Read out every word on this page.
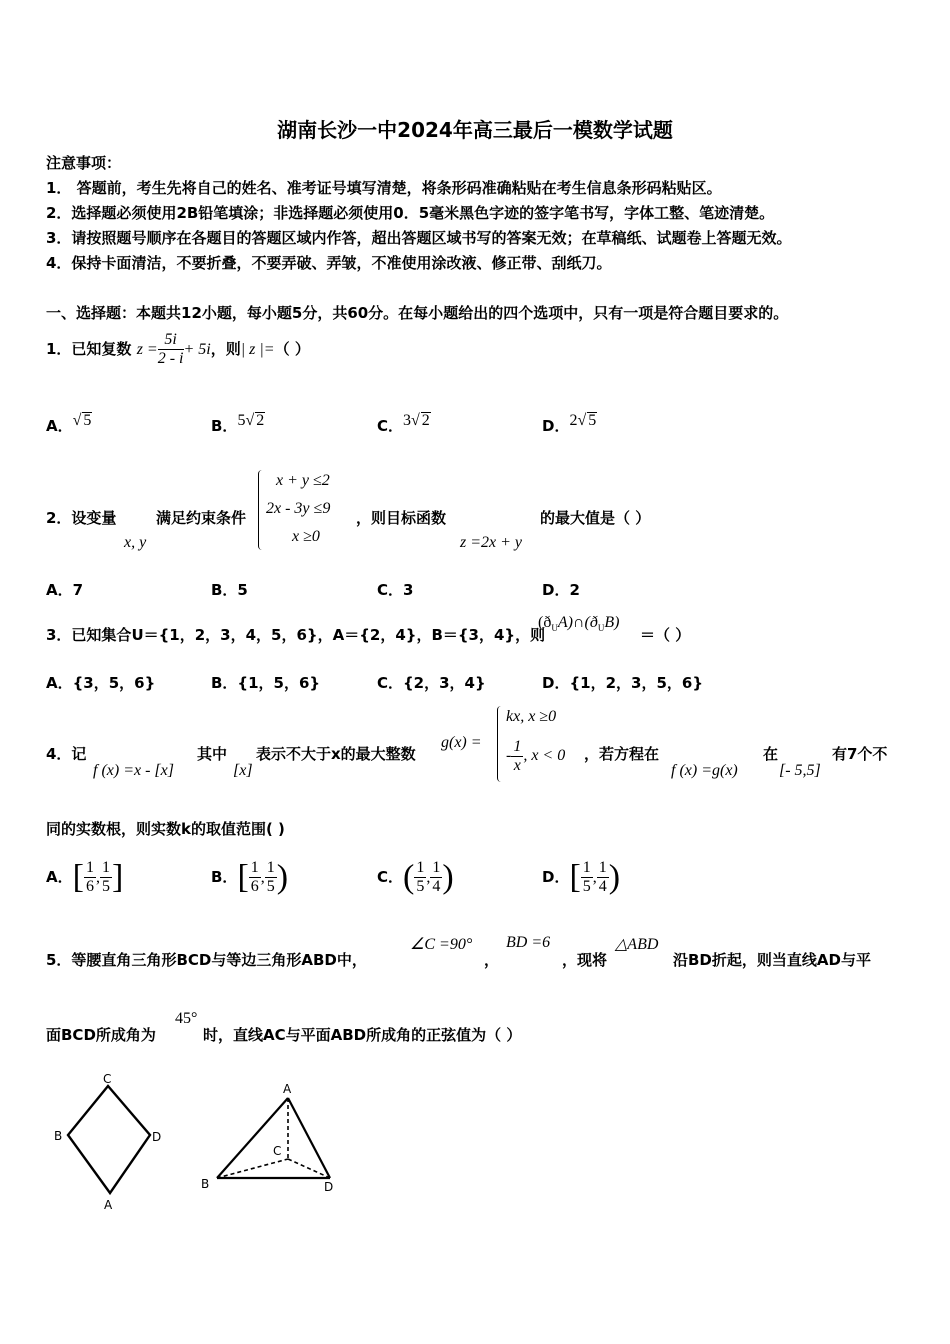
湖南长沙一中2024年高三最后一模数学试题
注意事项：
1． 答题前，考生先将自己的姓名、准考证号填写清楚，将条形码准确粘贴在考生信息条形码粘贴区。
2．选择题必须使用2B铅笔填涂；非选择题必须使用0．5毫米黑色字迹的签字笔书写，字体工整、笔迹清楚。
3．请按照题号顺序在各题目的答题区域内作答，超出答题区域书写的答案无效；在草稿纸、试题卷上答题无效。
4．保持卡面清洁，不要折叠，不要弄破、弄皱，不准使用涂改液、修正带、刮纸刀。
一、选择题：本题共12小题，每小题5分，共60分。在每小题给出的四个选项中，只有一项是符合题目要求的。
1．已知复数 $z = \frac{5i}{2 - i} + 5i$，则| z |=（ ）
A．√ 5	B．5√ 2	C．3√ 2	D．2√ 5
2．设变量
x, y
满足约束条件
x + y ≤2
2x - 3y ≤9
x ≥0
，则目标函数
z =2x + y
的最大值是（ ）
A．7	B．5	C．3	D．2
3．已知集合U＝{1，2，3，4，5，6}，A＝{2，4}，B＝{3，4}，则
$(ð_UA)\cap(ð_UB)$
＝（ ）
A．{3，5，6}	B．{1，5，6}	C．{2，3，4}	D．{1，2，3，5，6}
4．记
f (x) =x - [x]
其中
[x]
表示不大于x的最大整数
g(x) =
kx, x ≥0
- $\frac{1}{x}$ , x < 0 ，若方程在
f (x) =g(x)
在
[- 5,5]
有7个不
同的实数根，则实数k的取值范围( )
A．[ $\frac{1}{6}$ , $\frac{1}{5}$ ]	B．[ $\frac{1}{6}$ , $\frac{1}{5}$ )	C．( $\frac{1}{5}$ , $\frac{1}{4}$ )	D．[ $\frac{1}{5}$ , $\frac{1}{4}$ )
5．等腰直角三角形BCD与等边三角形ABD中，
∠C =90°
，
BD =6
，现将
△ABD
沿BD折起，则当直线AD与平
面BCD所成角为
45°
时，直线AC与平面ABD所成角的正弦值为（ ）
C
B	D
A
A
C
B	D
